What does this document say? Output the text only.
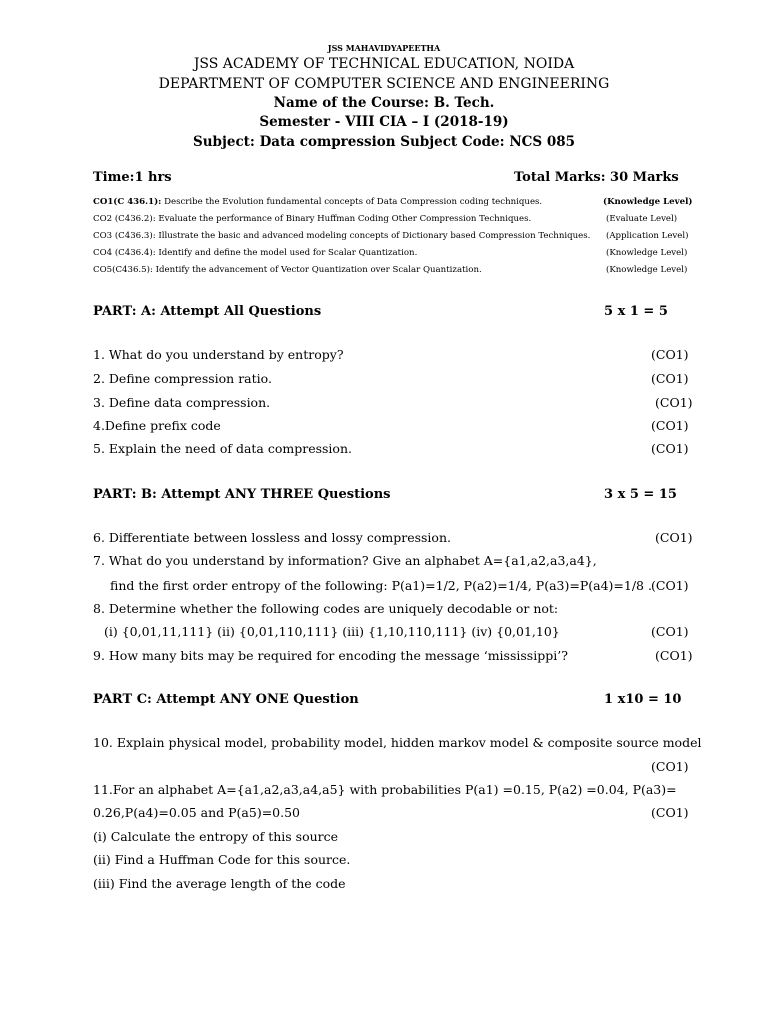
JSS MAHAVIDYAPEETHA
JSS ACADEMY OF TECHNICAL EDUCATION, NOIDA
DEPARTMENT OF COMPUTER SCIENCE AND ENGINEERING
Name of the Course: B. Tech.
Semester - VIII CIA – I (2018-19)
Subject: Data compression Subject Code: NCS 085
Time:1 hrs	Total Marks: 30 Marks
CO1(C 436.1): Describe the Evolution fundamental concepts of Data Compression coding techniques.	(Knowledge Level)
CO2 (C436.2): Evaluate the performance of Binary Huffman Coding Other Compression Techniques.	(Evaluate Level)
CO3 (C436.3): Illustrate the basic and advanced modeling concepts of Dictionary based Compression Techniques. (Application Level)
CO4 (C436.4): Identify and define the model used for Scalar Quantization.	(Knowledge Level)
CO5(C436.5): Identify the advancement of Vector Quantization over Scalar Quantization.	(Knowledge Level)
PART: A: Attempt All Questions	5 x 1 = 5
1. What do you understand by entropy?	(CO1)
2. Define compression ratio.	(CO1)
3. Define data compression.	(CO1)
4.Define prefix code	(CO1)
5. Explain the need of data compression.	(CO1)
PART: B: Attempt ANY THREE Questions	3 x 5 = 15
6. Differentiate between lossless and lossy compression.	(CO1)
7. What do you understand by information? Give an alphabet A={a1,a2,a3,a4},
find the first order entropy of the following: P(a1)=1/2, P(a2)=1/4, P(a3)=P(a4)=1/8 . (CO1)
8. Determine whether the following codes are uniquely decodable or not:
(i) {0,01,11,111} (ii) {0,01,110,111} (iii) {1,10,110,111} (iv) {0,01,10}	(CO1)
9. How many bits may be required for encoding the message ‘mississippi’?	(CO1)
PART C: Attempt ANY ONE Question	1 x10 = 10
10. Explain physical model, probability model, hidden markov model & composite source model
(CO1)
11.For an alphabet A={a1,a2,a3,a4,a5} with probabilities P(a1) =0.15, P(a2) =0.04, P(a3)=
0.26,P(a4)=0.05 and P(a5)=0.50	(CO1)
(i) Calculate the entropy of this source
(ii) Find a Huffman Code for this source.
(iii) Find the average length of the code
